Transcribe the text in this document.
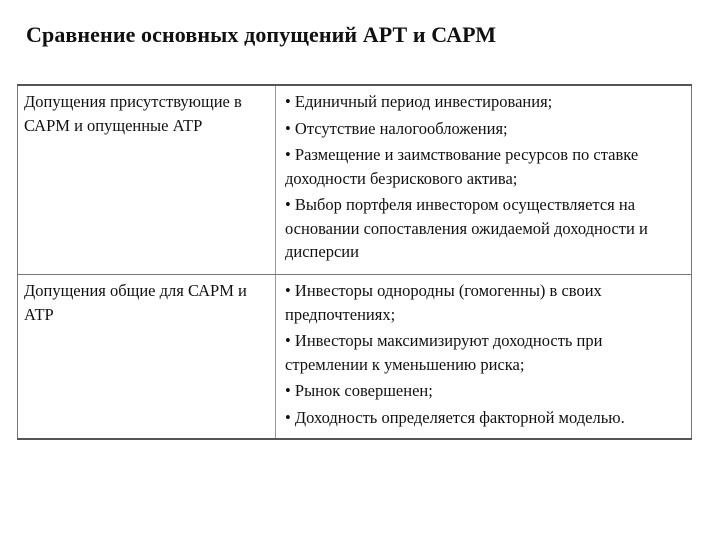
Сравнение основных допущений АРТ и САРМ
Допущения присутствующие в САРМ и опущенные АТР	• Единичный период инвестирования;
• Отсутствие налогообложения;
• Размещение и заимствование ресурсов по ставке доходности безрискового актива;
• Выбор портфеля инвестором осуществляется на основании сопоставления ожидаемой доходности и дисперсии

Допущения общие для САРМ и АТР	• Инвесторы однородны (гомогенны) в своих предпочтениях;
• Инвесторы максимизируют доходность при стремлении к уменьшению риска;
• Рынок совершенен;
• Доходность определяется факторной моделью.
